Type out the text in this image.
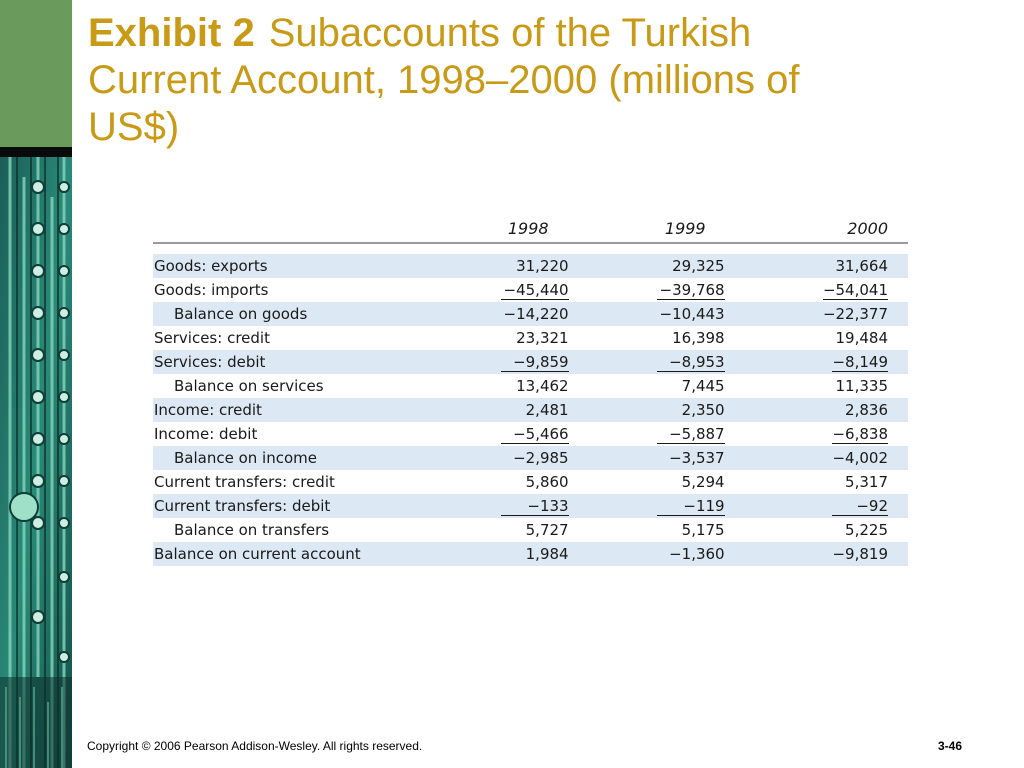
Exhibit 2 Subaccounts of the Turkish Current Account, 1998–2000 (millions of US$)
	1998	1999	2000

Goods: exports	31,220	29,325	31,664
Goods: imports	−45,440	−39,768	−54,041
Balance on goods	−14,220	−10,443	−22,377
Services: credit	23,321	16,398	19,484
Services: debit	−9,859	−8,953	−8,149
Balance on services	13,462	7,445	11,335
Income: credit	2,481	2,350	2,836
Income: debit	−5,466	−5,887	−6,838
Balance on income	−2,985	−3,537	−4,002
Current transfers: credit	5,860	5,294	5,317
Current transfers: debit	−133	−119	−92
Balance on transfers	5,727	5,175	5,225
Balance on current account	1,984	−1,360	−9,819
Copyright © 2006 Pearson Addison-Wesley. All rights reserved.	3-46
